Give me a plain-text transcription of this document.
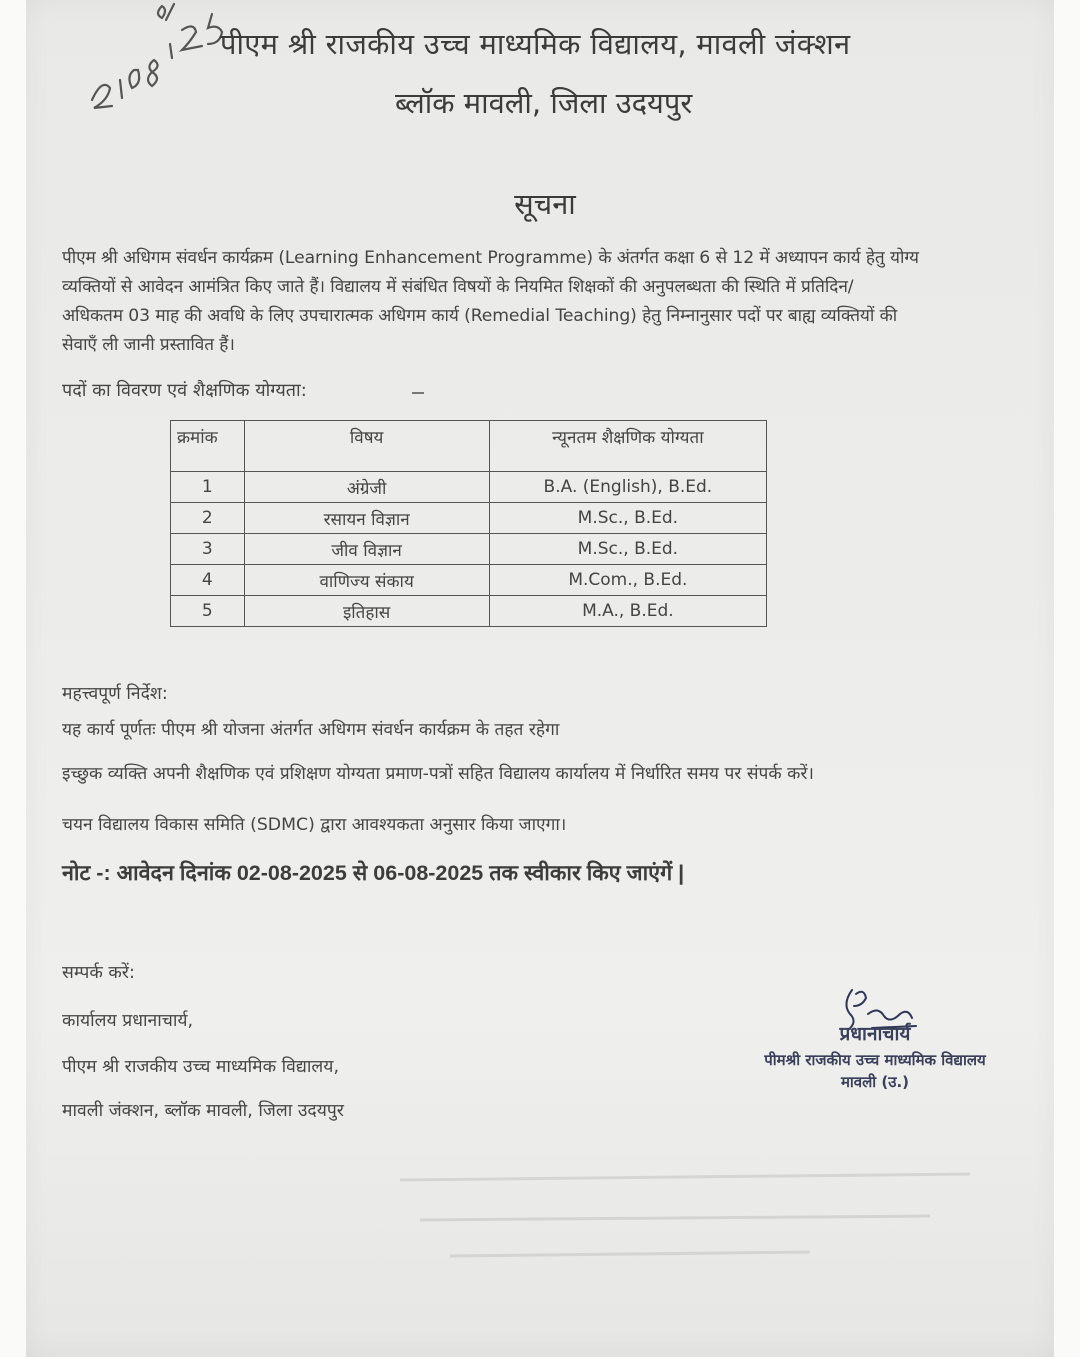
पीएम श्री राजकीय उच्च माध्यमिक विद्यालय, मावली जंक्शन
ब्लॉक मावली, जिला उदयपुर
सूचना

पीएम श्री अधिगम संवर्धन कार्यक्रम (Learning Enhancement Programme) के अंतर्गत कक्षा 6 से 12 में अध्यापन कार्य हेतु योग्य

व्यक्तियों से आवेदन आमंत्रित किए जाते हैं। विद्यालय में संबंधित विषयों के नियमित शिक्षकों की अनुपलब्धता की स्थिति में प्रतिदिन/

अधिकतम 03 माह की अवधि के लिए उपचारात्मक अधिगम कार्य (Remedial Teaching) हेतु निम्नानुसार पदों पर बाह्य व्यक्तियों की

सेवाएँ ली जानी प्रस्तावित हैं।

पदों का विवरण एवं शैक्षणिक योग्यता:
क्रमांक	विषय	न्यूनतम शैक्षणिक योग्यता
1	अंग्रेजी	B.A. (English), B.Ed.
2	रसायन विज्ञान	M.Sc., B.Ed.
3	जीव विज्ञान	M.Sc., B.Ed.
4	वाणिज्य संकाय	M.Com., B.Ed.
5	इतिहास	M.A., B.Ed.
महत्त्वपूर्ण निर्देश:
यह कार्य पूर्णतः पीएम श्री योजना अंतर्गत अधिगम संवर्धन कार्यक्रम के तहत रहेगा
इच्छुक व्यक्ति अपनी शैक्षणिक एवं प्रशिक्षण योग्यता प्रमाण-पत्रों सहित विद्यालय कार्यालय में निर्धारित समय पर संपर्क करें।
चयन विद्यालय विकास समिति (SDMC) द्वारा आवश्यकता अनुसार किया जाएगा।
नोट -: आवेदन दिनांक 02-08-2025 से 06-08-2025 तक स्वीकार किए जाएंगें |
सम्पर्क करें:
कार्यालय प्रधानाचार्य,
पीएम श्री राजकीय उच्च माध्यमिक विद्यालय,
मावली जंक्शन, ब्लॉक मावली, जिला उदयपुर
प्रधानाचार्य
पीमश्री राजकीय उच्च माध्यमिक विद्यालय
मावली (उ.)
